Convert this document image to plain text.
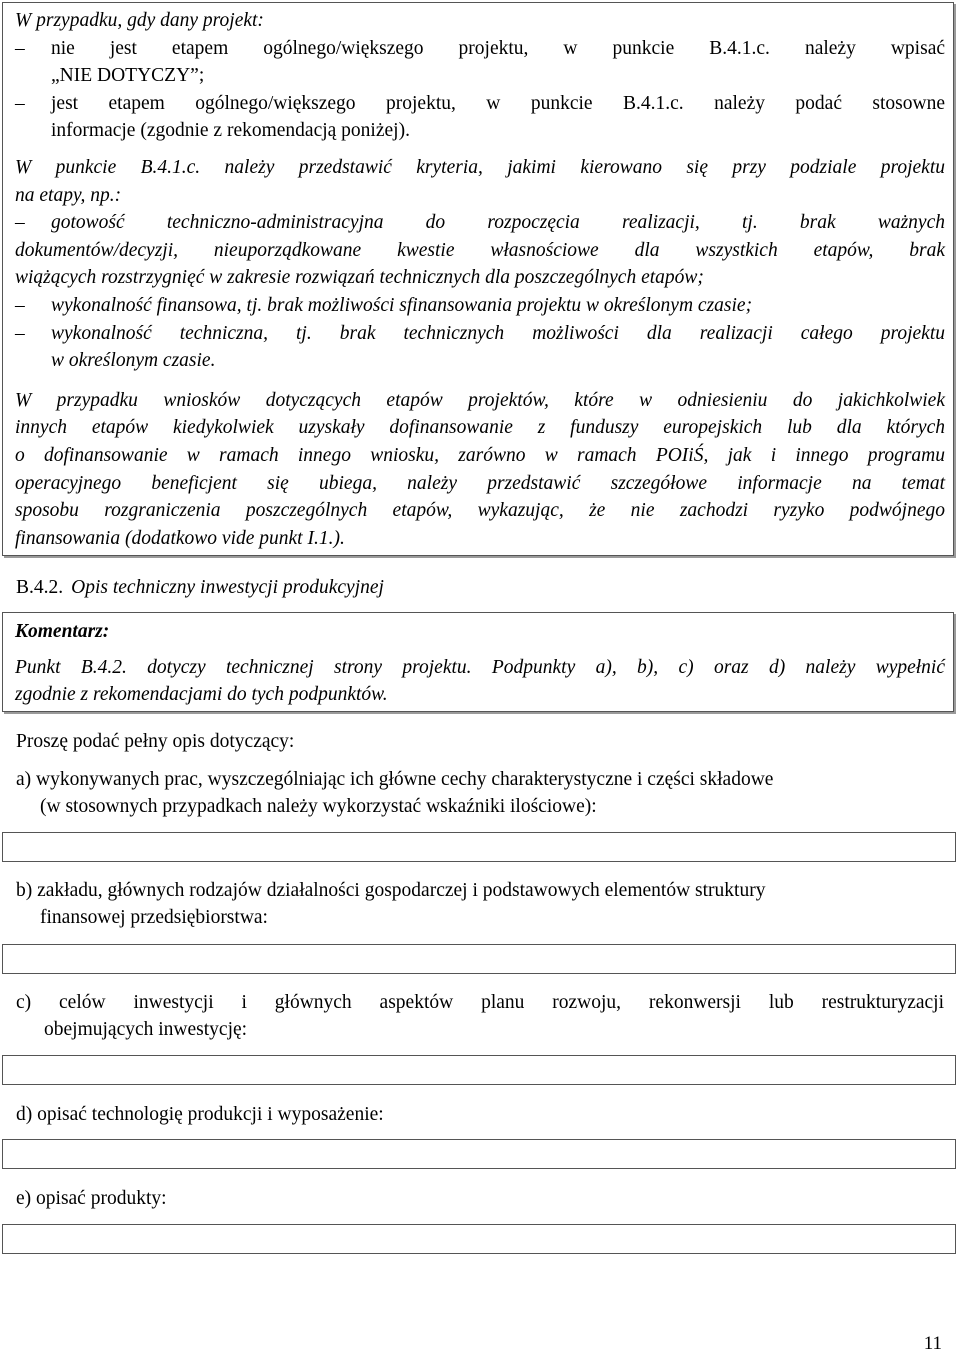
W przypadku, gdy dany projekt:

–	nie jest etapem ogólnego/większego projektu, w punkcie B.4.1.c. należy wpisać

„NIE DOTYCZY”;

–	jest etapem ogólnego/większego projektu, w punkcie B.4.1.c. należy podać stosowne

informacje (zgodnie z rekomendacją poniżej).

W punkcie B.4.1.c. należy przedstawić kryteria, jakimi kierowano się przy podziale projektu

na etapy, np.:

–	gotowość techniczno-administracyjna do rozpoczęcia realizacji, tj. brak ważnych

dokumentów/decyzji, nieuporządkowane kwestie własnościowe dla wszystkich etapów, brak

wiążących rozstrzygnięć w zakresie rozwiązań technicznych dla poszczególnych etapów;

–	wykonalność finansowa, tj. brak możliwości sfinansowania projektu w określonym czasie;

–	wykonalność techniczna, tj. brak technicznych możliwości dla realizacji całego projektu

w określonym czasie.

W przypadku wniosków dotyczących etapów projektów, które w odniesieniu do jakichkolwiek

innych etapów kiedykolwiek uzyskały dofinansowanie z funduszy europejskich lub dla których

o dofinansowanie w ramach innego wniosku, zarówno w ramach POIiŚ, jak i innego programu

operacyjnego beneficjent się ubiega, należy przedstawić szczegółowe informacje na temat

sposobu rozgraniczenia poszczególnych etapów, wykazując, że nie zachodzi ryzyko podwójnego

finansowania (dodatkowo vide punkt I.1.).

B.4.2. Opis techniczny inwestycji produkcyjnej

Komentarz:

Punkt B.4.2. dotyczy technicznej strony projektu. Podpunkty a), b), c) oraz d) należy wypełnić

zgodnie z rekomendacjami do tych podpunktów.

Proszę podać pełny opis dotyczący:
a) wykonywanych prac, wyszczególniając ich główne cechy charakterystyczne i części składowe
(w stosownych przypadkach należy wykorzystać wskaźniki ilościowe):
b) zakładu, głównych rodzajów działalności gospodarczej i podstawowych elementów struktury
finansowej przedsiębiorstwa:
c) celów inwestycji i głównych aspektów planu rozwoju, rekonwersji lub restrukturyzacji
obejmujących inwestycję:
d) opisać technologię produkcji i wyposażenie:
e) opisać produkty:
11
